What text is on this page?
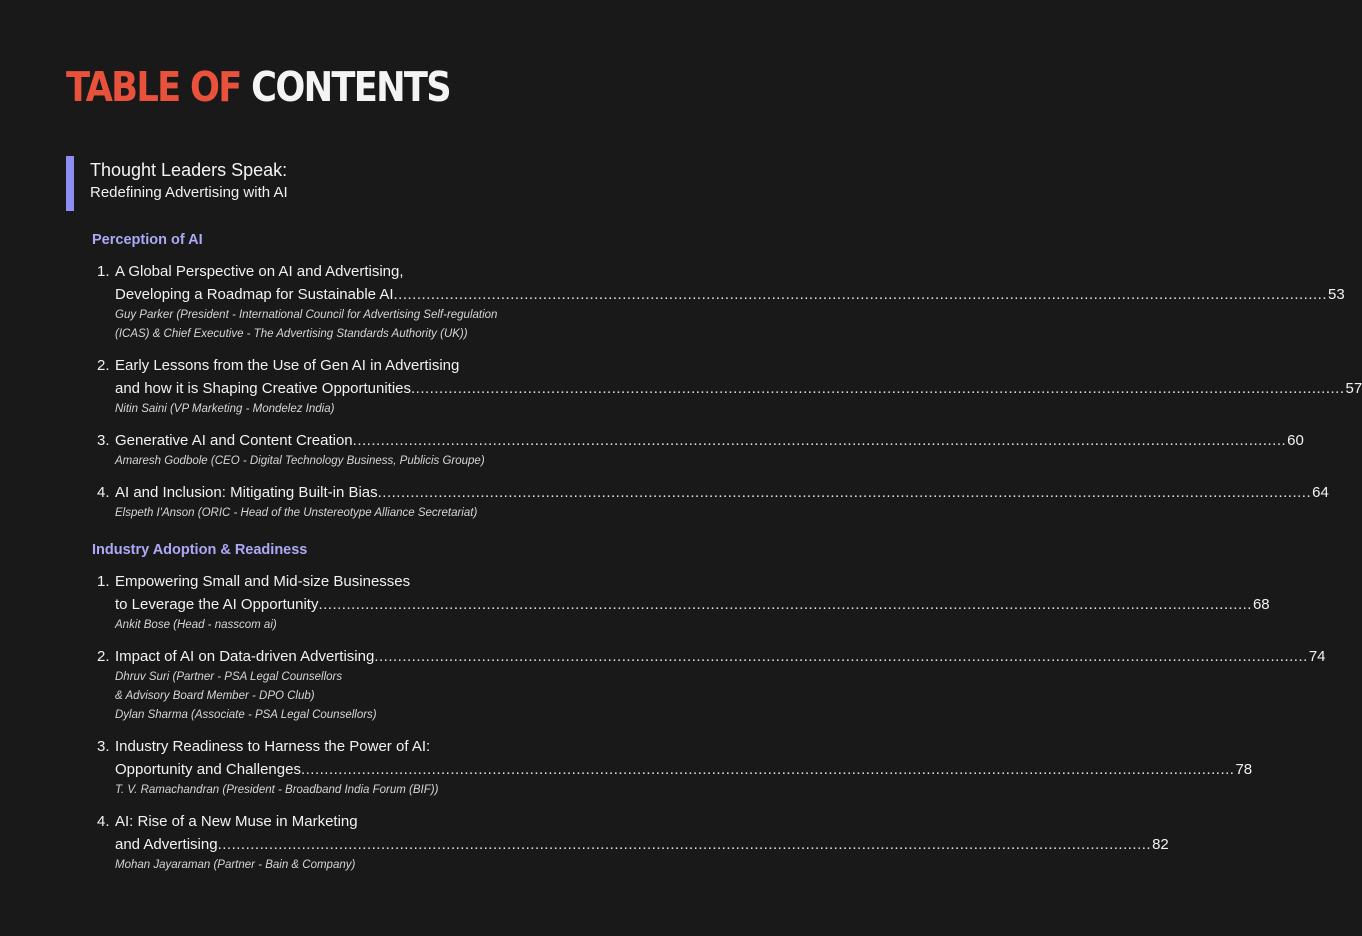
TABLE OF CONTENTS
Thought Leaders Speak:
Redefining Advertising with AI
Perception of AI
1. A Global Perspective on AI and Advertising,
Developing a Roadmap for Sustainable AI ........................................................................................................................................................................................................ 53
Guy Parker (President - International Council for Advertising Self-regulation
(ICAS) & Chief Executive - The Advertising Standards Authority (UK))
2. Early Lessons from the Use of Gen AI in Advertising
and how it is Shaping Creative Opportunities ........................................................................................................................................................................................................ 57
Nitin Saini (VP Marketing - Mondelez India)
3. Generative AI and Content Creation ........................................................................................................................................................................................................ 60
Amaresh Godbole (CEO - Digital Technology Business, Publicis Groupe)
4. AI and Inclusion: Mitigating Built-in Bias ........................................................................................................................................................................................................ 64
Elspeth I'Anson (ORIC - Head of the Unstereotype Alliance Secretariat)
Industry Adoption & Readiness
1. Empowering Small and Mid-size Businesses
to Leverage the AI Opportunity ........................................................................................................................................................................................................ 68
Ankit Bose (Head - nasscom ai)
2. Impact of AI on Data-driven Advertising ........................................................................................................................................................................................................ 74
Dhruv Suri (Partner - PSA Legal Counsellors
& Advisory Board Member - DPO Club)
Dylan Sharma (Associate - PSA Legal Counsellors)
3. Industry Readiness to Harness the Power of AI:
Opportunity and Challenges ........................................................................................................................................................................................................ 78
T. V. Ramachandran (President - Broadband India Forum (BIF))
4. AI: Rise of a New Muse in Marketing
and Advertising ........................................................................................................................................................................................................ 82
Mohan Jayaraman (Partner - Bain & Company)
